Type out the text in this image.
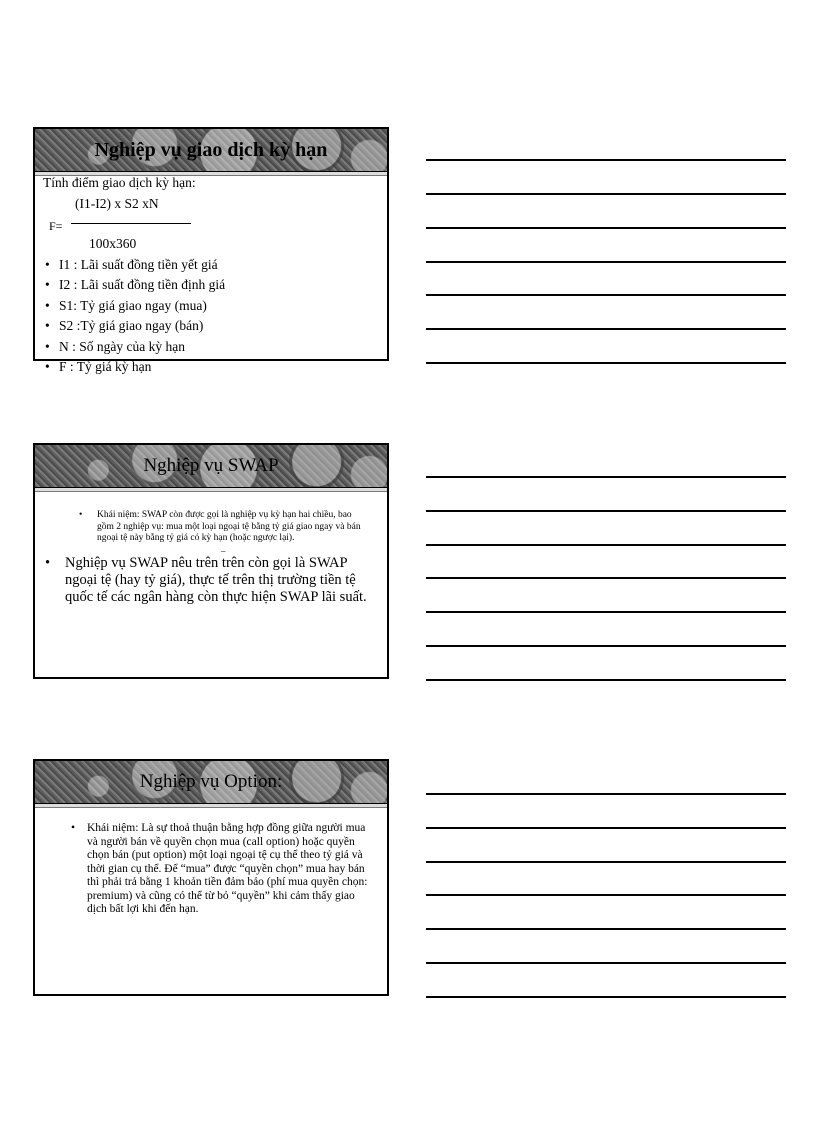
Nghiệp vụ giao dịch kỳ hạn
Tính điểm giao dịch kỳ hạn:
(I1-I2) x S2 xN
F=
100x360
• I1 : Lãi suất đồng tiền yết giá
• I2 : Lãi suất đồng tiền định giá
• S1: Tỷ giá giao ngay (mua)
• S2 :Tỷ giá giao ngay (bán)
• N : Số ngày của kỳ hạn
• F : Tỷ giá kỳ hạn
Nghiệp vụ SWAP
• Khái niệm: SWAP còn được gọi là nghiệp vụ kỳ hạn hai chiều, bao gồm 2 nghiệp vụ: mua một loại ngoại tệ bằng tỷ giá giao ngay và bán ngoại tệ này bằng tỷ giá có kỳ hạn (hoặc ngược lại).
_
• Nghiệp vụ SWAP nêu trên trên còn gọi là SWAP ngoại tệ (hay tỷ giá), thực tế trên thị trường tiền tệ quốc tế các ngân hàng còn thực hiện SWAP lãi suất.
Nghiệp vụ Option:
• Khái niệm: Là sự thoả thuận bằng hợp đồng giữa người mua và người bán về quyền chọn mua (call option) hoặc quyền chọn bán (put option) một loại ngoại tệ cụ thể theo tỷ giá và thời gian cụ thể. Để “mua” được “quyền chọn” mua hay bán thì phải trả bằng 1 khoản tiền đảm bảo (phí mua quyền chọn: premium) và cũng có thể từ bỏ “quyền” khi cảm thấy giao dịch bất lợi khi đến hạn.
